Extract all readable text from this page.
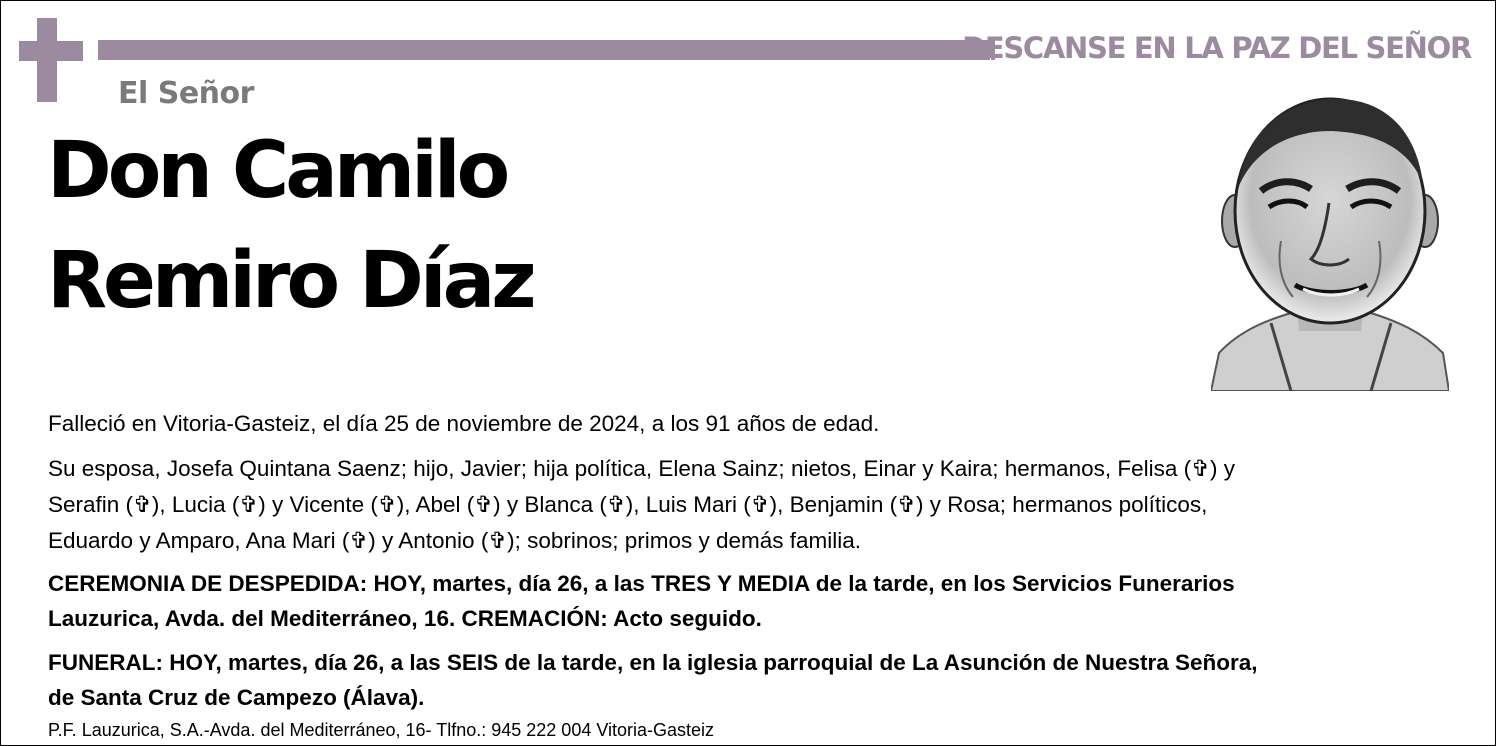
DESCANSE EN LA PAZ DEL SEÑOR
El Señor
Don Camilo
Remiro Díaz
Falleció en Vitoria-Gasteiz, el día 25 de noviembre de 2024, a los 91 años de edad.
Su esposa, Josefa Quintana Saenz; hijo, Javier; hija política, Elena Sainz; nietos, Einar y Kaira; hermanos, Felisa (✞) y
Serafin (✞), Lucia (✞) y Vicente (✞), Abel (✞) y Blanca (✞), Luis Mari (✞), Benjamin (✞) y Rosa; hermanos políticos,
Eduardo y Amparo, Ana Mari (✞) y Antonio (✞); sobrinos; primos y demás familia.
CEREMONIA DE DESPEDIDA: HOY, martes, día 26, a las TRES Y MEDIA de la tarde, en los Servicios Funerarios
Lauzurica, Avda. del Mediterráneo, 16. CREMACIÓN: Acto seguido.
FUNERAL: HOY, martes, día 26, a las SEIS de la tarde, en la iglesia parroquial de La Asunción de Nuestra Señora,
de Santa Cruz de Campezo (Álava).
P.F. Lauzurica, S.A.-Avda. del Mediterráneo, 16- Tlfno.: 945 222 004 Vitoria-Gasteiz
